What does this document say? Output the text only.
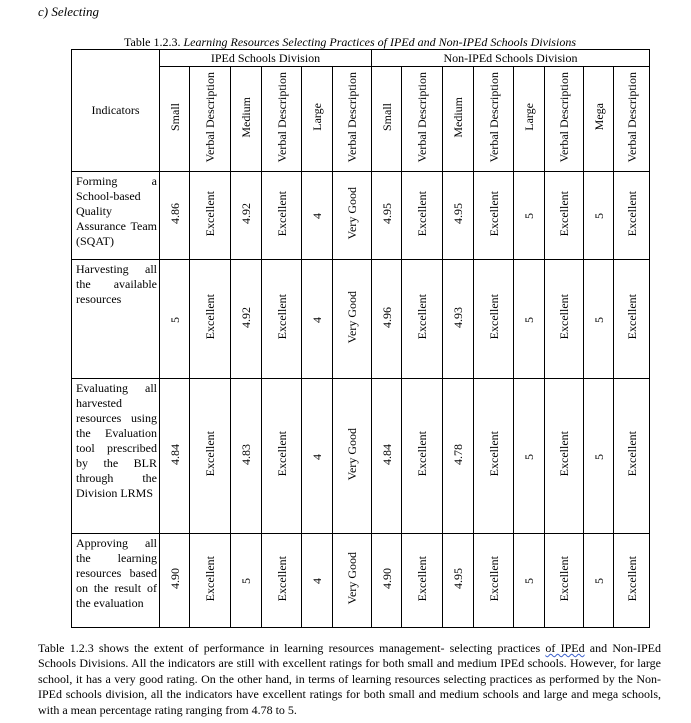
c) Selecting
Table 1.2.3. Learning Resources Selecting Practices of IPEd and Non-IPEd Schools Divisions
Indicators	IPEd Schools Division						Non-IPEd Schools Division							
	Small	Verbal Description	Medium	Verbal Description	Large	Verbal Description	Small	Verbal Description	Medium	Verbal Description	Large	Verbal Description	Mega	Verbal Description
Forming a School-based Quality Assurance Team (SQAT)	4.86	Excellent	4.92	Excellent	4	Very Good	4.95	Excellent	4.95	Excellent	5	Excellent	5	Excellent
Harvesting all the available resources	5	Excellent	4.92	Excellent	4	Very Good	4.96	Excellent	4.93	Excellent	5	Excellent	5	Excellent
Evaluating all harvested resources using the Evaluation tool prescribed by the BLR through the Division LRMS	4.84	Excellent	4.83	Excellent	4	Very Good	4.84	Excellent	4.78	Excellent	5	Excellent	5	Excellent
Approving all the learning resources based on the result of the evaluation	4.90	Excellent	5	Excellent	4	Very Good	4.90	Excellent	4.95	Excellent	5	Excellent	5	Excellent
Table 1.2.3 shows the extent of performance in learning resources management- selecting practices of IPEd and Non-IPEd Schools Divisions. All the indicators are still with excellent ratings for both small and medium IPEd schools. However, for large school, it has a very good rating. On the other hand, in terms of learning resources selecting practices as performed by the Non-IPEd schools division, all the indicators have excellent ratings for both small and medium schools and large and mega schools, with a mean percentage rating ranging from 4.78 to 5.
